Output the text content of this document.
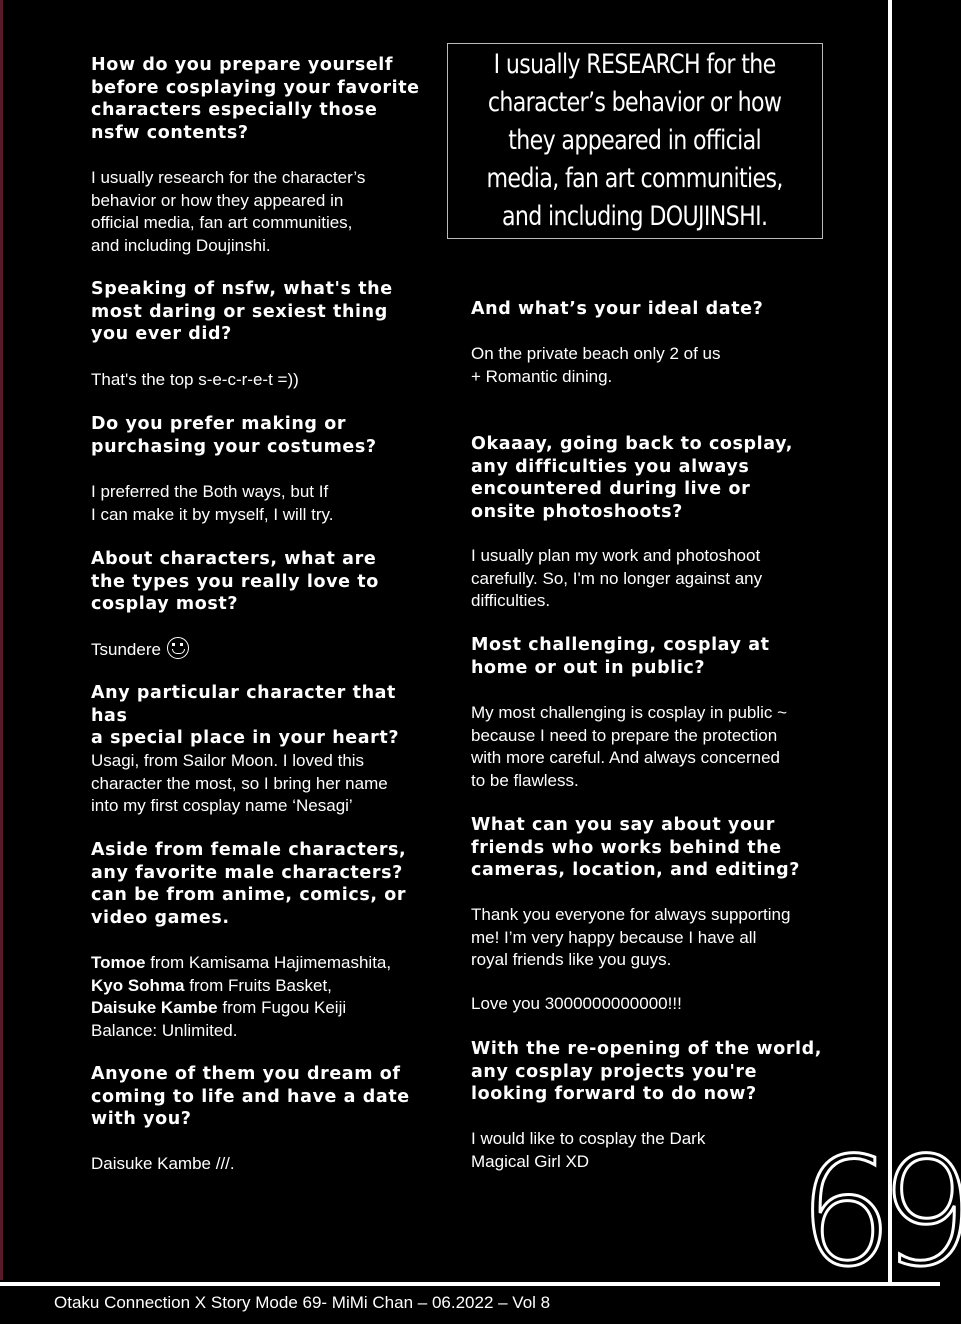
How do you prepare yourself
before cosplaying your favorite
characters especially those
nsfw contents?

I usually research for the character’s
behavior or how they appeared in
official media, fan art communities,
and including Doujinshi.

Speaking of nsfw, what's the
most daring or sexiest thing
you ever did?

That's the top s-e-c-r-e-t =))

Do you prefer making or
purchasing your costumes?

I preferred the Both ways, but If
I can make it by myself, I will try.

About characters, what are
the types you really love to
cosplay most?

Tsundere

Any particular character that has
a special place in your heart?

Usagi, from Sailor Moon. I loved this
character the most, so I bring her name
into my first cosplay name ‘Nesagi’

Aside from female characters,
any favorite male characters?
can be from anime, comics, or
video games.

Tomoe from Kamisama Hajimemashita,
Kyo Sohma from Fruits Basket,
Daisuke Kambe from Fugou Keiji
Balance: Unlimited.

Anyone of them you dream of
coming to life and have a date
with you?

Daisuke Kambe ///.

I usually RESEARCH for the
character’s behavior or how
they appeared in official
media, fan art communities,
and including DOUJINSHI.

And what’s your ideal date?

On the private beach only 2 of us
+ Romantic dining.

Okaaay, going back to cosplay,
any difficulties you always
encountered during live or
onsite photoshoots?

I usually plan my work and photoshoot
carefully. So, I'm no longer against any
difficulties.

Most challenging, cosplay at
home or out in public?

My most challenging is cosplay in public ~
because I need to prepare the protection
with more careful. And always concerned
to be flawless.

What can you say about your
friends who works behind the
cameras, location, and editing?

Thank you everyone for always supporting
me! I’m very happy because I have all
royal friends like you guys.

Love you 3000000000000!!!

With the re-opening of the world,
any cosplay projects you're
looking forward to do now?

I would like to cosplay the Dark
Magical Girl XD	69
Otaku Connection X Story Mode 69- MiMi Chan – 06.2022 – Vol 8
